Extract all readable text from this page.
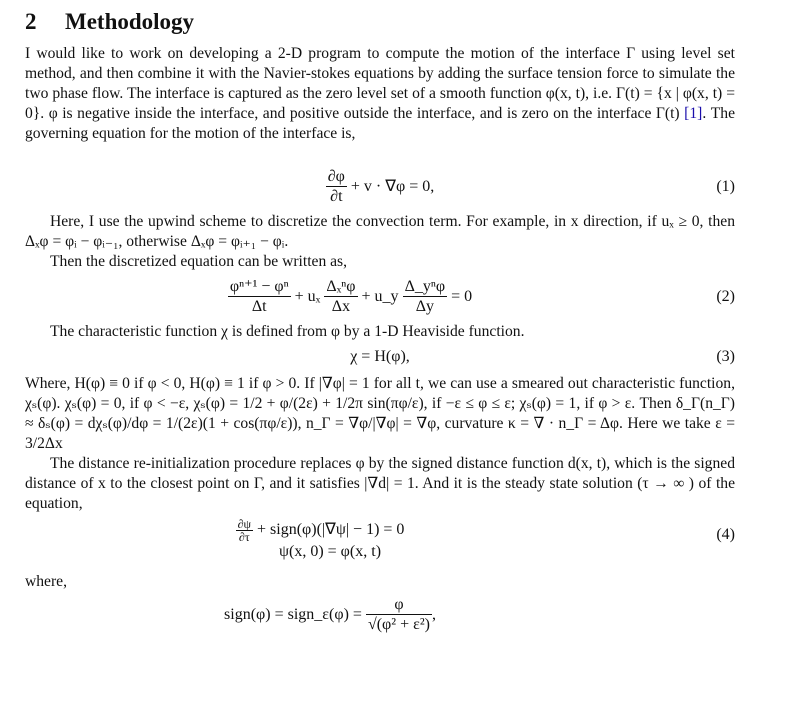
2 Methodology

I would like to work on developing a 2-D program to compute the motion of the interface Γ using level set method, and then combine it with the Navier-stokes equations by adding the surface tension force to simulate the two phase flow. The interface is captured as the zero level set of a smooth function φ(x, t), i.e. Γ(t) = {x | φ(x, t) = 0}. φ is negative inside the interface, and positive outside the interface, and is zero on the interface Γ(t) [1]. The governing equation for the motion of the interface is,

$\frac{\partial\varphi}{\partial t} + v \cdot \nabla\varphi = 0$,	(1)

Here, I use the upwind scheme to discretize the convection term. For example, in x direction, if uₓ ≥ 0, then Δₓφ = φᵢ − φᵢ₋₁, otherwise Δₓφ = φᵢ₊₁ − φᵢ.

Then the discretized equation can be written as,

$\frac{\text{φⁿ⁺¹ − φⁿ}}{\Delta t} + u_x \frac{\text{Δₓⁿφ}}{\Delta x}$ + u_y $\frac{\text{Δ\_yⁿφ}}{\Delta y} = 0$	(2)

The characteristic function χ is defined from φ by a 1-D Heaviside function.

χ = H(φ),	(3)

Where, H(φ) ≡ 0 if φ < 0, H(φ) ≡ 1 if φ > 0. If |∇φ| = 1 for all t, we can use a smeared out characteristic function, χₛ(φ). χₛ(φ) = 0, if φ < −ε, χₛ(φ) = 1/2 + φ/(2ε) + 1/2π sin(πφ/ε), if −ε ≤ φ ≤ ε; χₛ(φ) = 1, if φ > ε. Then δ_Γ(n_Γ) ≈ δₛ(φ) = dχₛ(φ)/dφ = 1/(2ε)(1 + cos(πφ/ε)), n_Γ = ∇φ/|∇φ| = ∇φ, curvature κ = ∇ · n_Γ = Δφ. Here we take ε = 3/2Δx

The distance re-initialization procedure replaces φ by the signed distance function d(x, t), which is the signed distance of x to the closest point on Γ, and it satisfies |∇d| = 1. And it is the steady state solution (τ → ∞ ) of the equation,

$\frac{\partial\psi}{\partial\tau}$ + sign(φ)(|∇ψ| − 1) = 0
ψ(x, 0) = φ(x, t)
(4)

where,

sign(φ) = sign_ε(φ) = $\frac{\varphi}{\text{√(φ² + ε²)}}$ ,
